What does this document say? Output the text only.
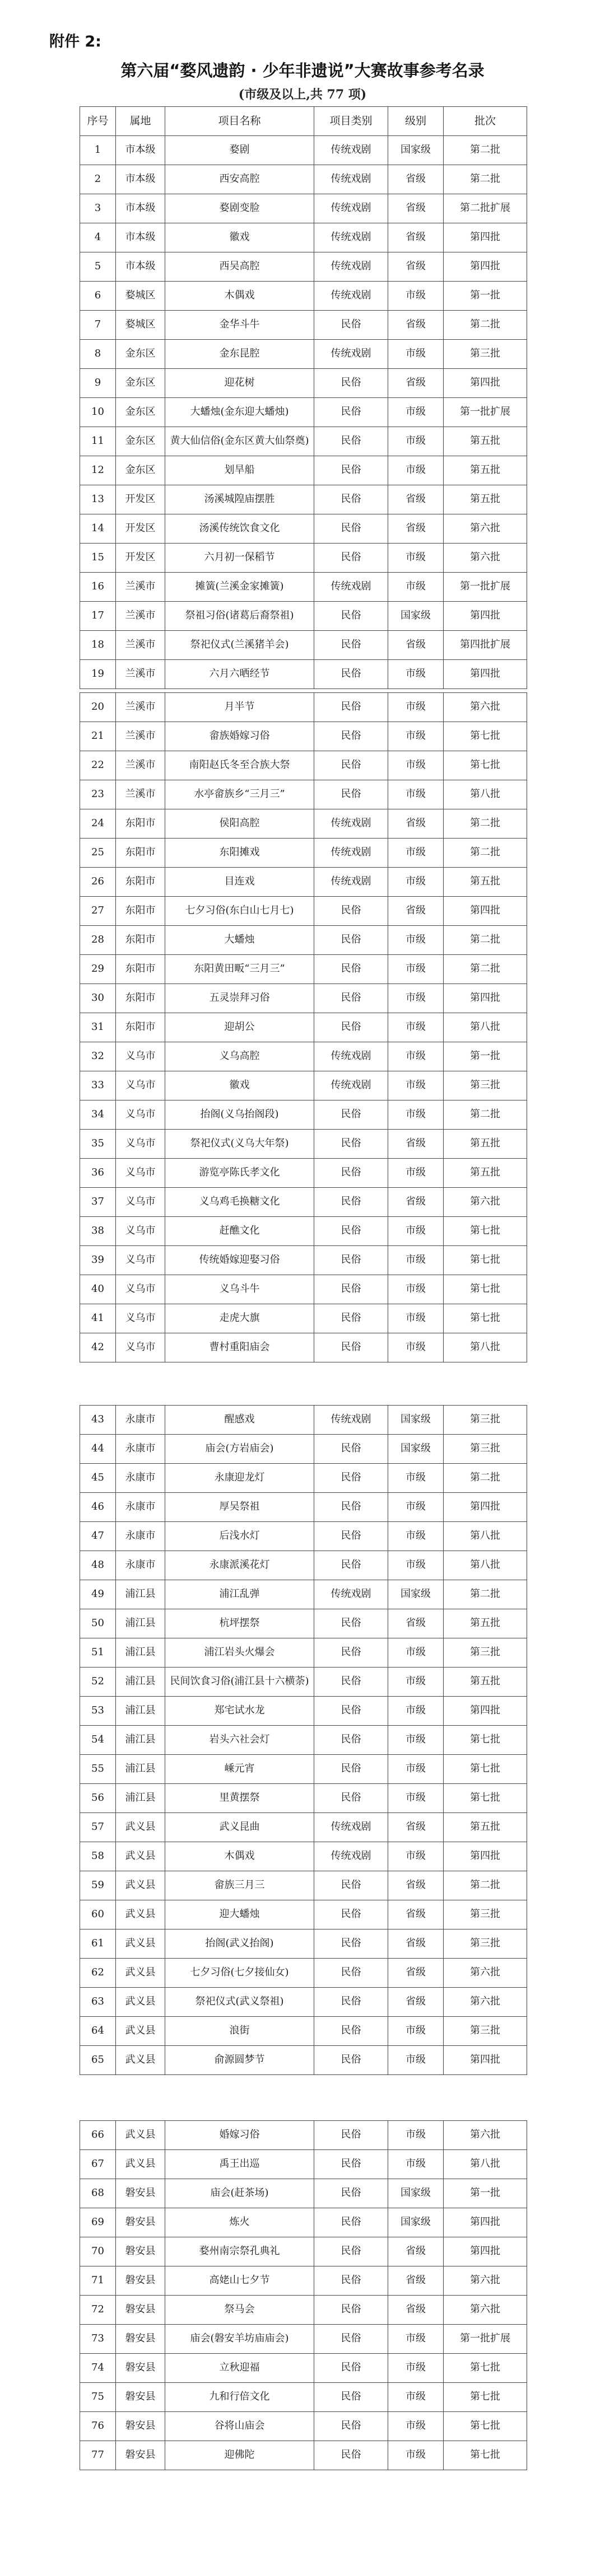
附件 2:
第六届“婺风遗韵 · 少年非遗说”大赛故事参考名录
(市级及以上,共 77 项)
序号	属地	项目名称	项目类别	级别	批次
1	市本级	婺剧	传统戏剧	国家级	第二批
2	市本级	西安高腔	传统戏剧	省级	第二批
3	市本级	婺剧变脸	传统戏剧	省级	第二批扩展
4	市本级	徽戏	传统戏剧	省级	第四批
5	市本级	西吴高腔	传统戏剧	省级	第四批
6	婺城区	木偶戏	传统戏剧	市级	第一批
7	婺城区	金华斗牛	民俗	省级	第二批
8	金东区	金东昆腔	传统戏剧	市级	第三批
9	金东区	迎花树	民俗	省级	第四批
10	金东区	大蟠烛(金东迎大蟠烛)	民俗	市级	第一批扩展
11	金东区	黄大仙信俗(金东区黄大仙祭奠)	民俗	市级	第五批
12	金东区	划旱船	民俗	市级	第五批
13	开发区	汤溪城隍庙摆胜	民俗	省级	第五批
14	开发区	汤溪传统饮食文化	民俗	省级	第六批
15	开发区	六月初一保稻节	民俗	市级	第六批
16	兰溪市	摊簧(兰溪金家摊簧)	传统戏剧	市级	第一批扩展
17	兰溪市	祭祖习俗(诸葛后裔祭祖)	民俗	国家级	第四批
18	兰溪市	祭祀仪式(兰溪猪羊会)	民俗	省级	第四批扩展
19	兰溪市	六月六晒经节	民俗	市级	第四批
20	兰溪市	月半节	民俗	市级	第六批
21	兰溪市	畲族婚嫁习俗	民俗	市级	第七批
22	兰溪市	南阳赵氏冬至合族大祭	民俗	市级	第七批
23	兰溪市	水亭畲族乡“三月三”	民俗	市级	第八批
24	东阳市	侯阳高腔	传统戏剧	省级	第二批
25	东阳市	东阳摊戏	传统戏剧	市级	第二批
26	东阳市	目连戏	传统戏剧	市级	第五批
27	东阳市	七夕习俗(东白山七月七)	民俗	省级	第四批
28	东阳市	大蟠烛	民俗	市级	第二批
29	东阳市	东阳黄田畈“三月三”	民俗	市级	第二批
30	东阳市	五灵崇拜习俗	民俗	市级	第四批
31	东阳市	迎胡公	民俗	市级	第八批
32	义乌市	义乌高腔	传统戏剧	市级	第一批
33	义乌市	徽戏	传统戏剧	市级	第三批
34	义乌市	抬阁(义乌抬阁段)	民俗	市级	第二批
35	义乌市	祭祀仪式(义乌大年祭)	民俗	省级	第五批
36	义乌市	游览亭陈氏孝文化	民俗	市级	第五批
37	义乌市	义乌鸡毛换糖文化	民俗	省级	第六批
38	义乌市	赶醮文化	民俗	市级	第七批
39	义乌市	传统婚嫁迎娶习俗	民俗	市级	第七批
40	义乌市	义乌斗牛	民俗	市级	第七批
41	义乌市	走虎大旗	民俗	市级	第七批
42	义乌市	曹村重阳庙会	民俗	市级	第八批
43	永康市	醒感戏	传统戏剧	国家级	第三批
44	永康市	庙会(方岩庙会)	民俗	国家级	第三批
45	永康市	永康迎龙灯	民俗	市级	第二批
46	永康市	厚吴祭祖	民俗	市级	第四批
47	永康市	后浅水灯	民俗	市级	第八批
48	永康市	永康派溪花灯	民俗	市级	第八批
49	浦江县	浦江乱弹	传统戏剧	国家级	第二批
50	浦江县	杭坪摆祭	民俗	省级	第五批
51	浦江县	浦江岩头火爆会	民俗	市级	第三批
52	浦江县	民间饮食习俗(浦江县十六横荼)	民俗	市级	第五批
53	浦江县	郑宅试水龙	民俗	市级	第四批
54	浦江县	岩头六社会灯	民俗	市级	第七批
55	浦江县	嵊元宵	民俗	市级	第七批
56	浦江县	里黄摆祭	民俗	市级	第七批
57	武义县	武义昆曲	传统戏剧	省级	第五批
58	武义县	木偶戏	传统戏剧	市级	第四批
59	武义县	畲族三月三	民俗	省级	第二批
60	武义县	迎大蟠烛	民俗	省级	第三批
61	武义县	抬阁(武义抬阁)	民俗	省级	第三批
62	武义县	七夕习俗(七夕接仙女)	民俗	省级	第六批
63	武义县	祭祀仪式(武义祭祖)	民俗	省级	第六批
64	武义县	浪街	民俗	市级	第三批
65	武义县	俞源圆梦节	民俗	市级	第四批
66	武义县	婚嫁习俗	民俗	市级	第六批
67	武义县	禹王出巡	民俗	市级	第八批
68	磐安县	庙会(赶茶场)	民俗	国家级	第一批
69	磐安县	炼火	民俗	国家级	第四批
70	磐安县	婺州南宗祭孔典礼	民俗	省级	第四批
71	磐安县	高姥山七夕节	民俗	省级	第六批
72	磐安县	祭马会	民俗	省级	第六批
73	磐安县	庙会(磐安羊坊庙庙会)	民俗	市级	第一批扩展
74	磐安县	立秋迎福	民俗	市级	第七批
75	磐安县	九和行倍文化	民俗	市级	第七批
76	磐安县	谷将山庙会	民俗	市级	第七批
77	磐安县	迎佛陀	民俗	市级	第七批
